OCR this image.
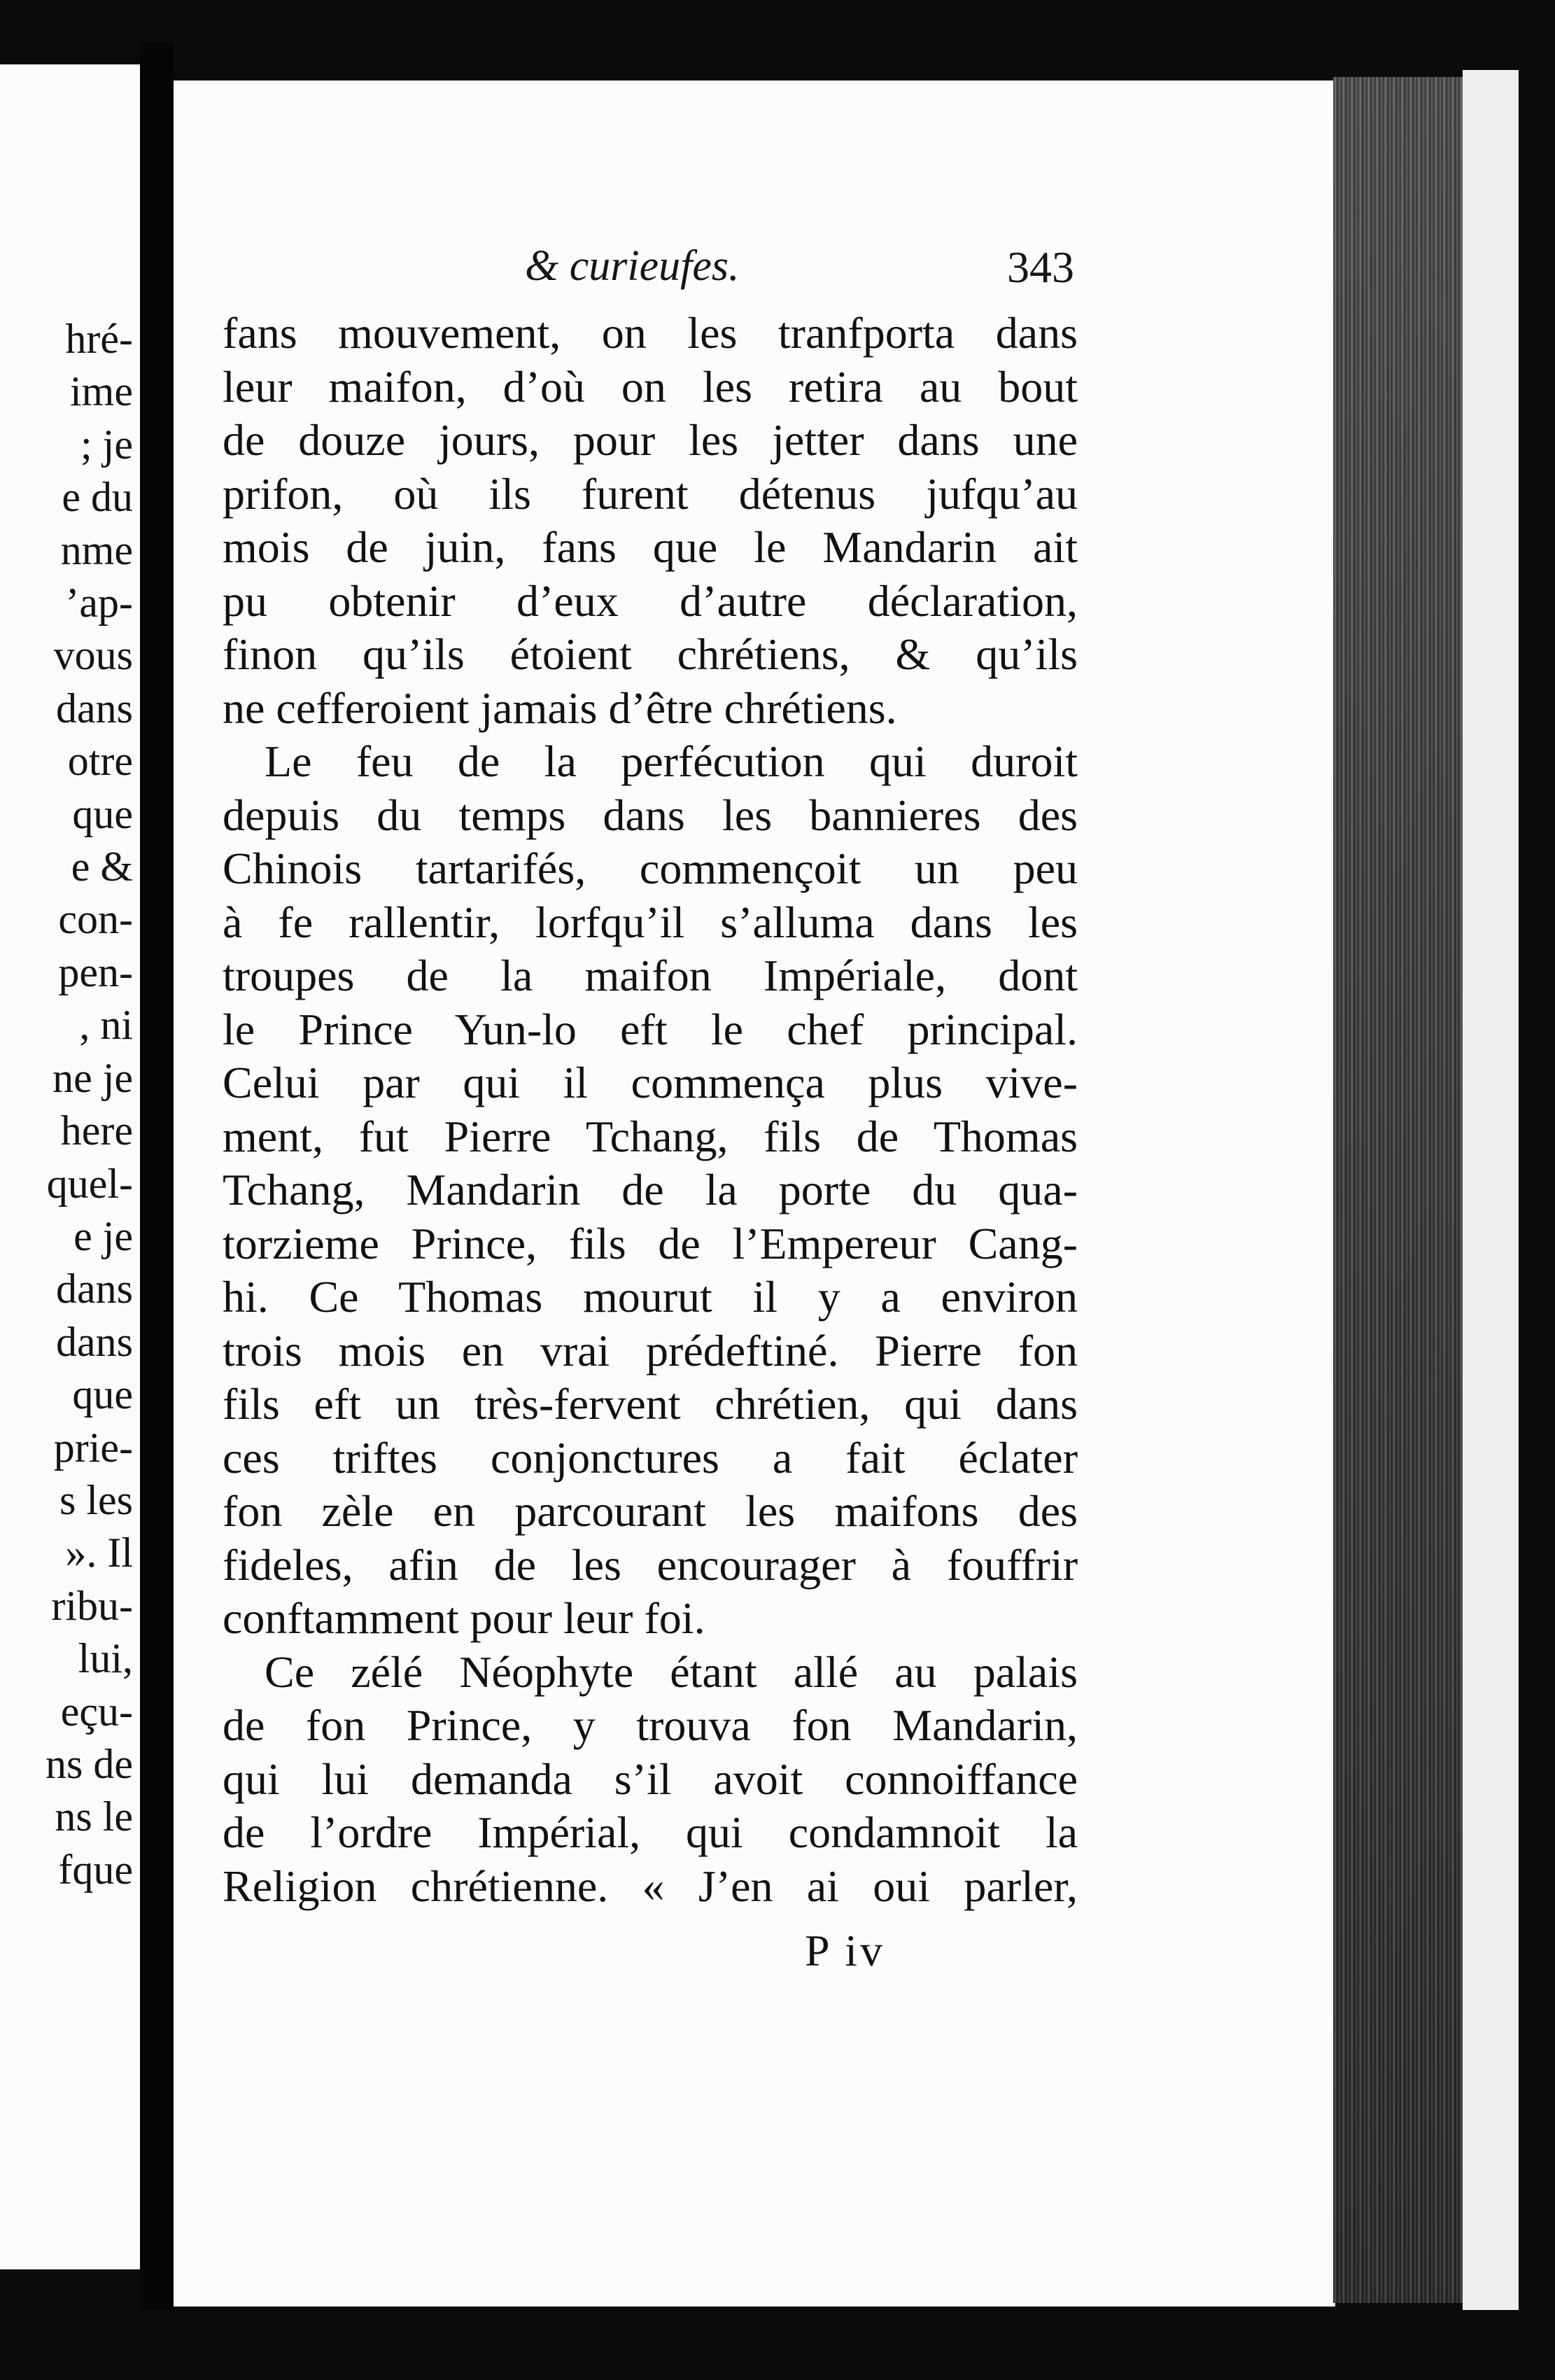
hré-
ime
; je
e du
nme
’ap-
vous
dans
otre
que
e &
con-
pen-
, ni
ne je
here
quel-
e je
dans
dans
que
prie-
s les
». Il
ribu-
lui,
eçu-
ns de
ns le
fque
& curieufes.	343
fans mouvement, on les tranfporta dans
leur maifon, d’où on les retira au bout
de douze jours, pour les jetter dans une
prifon, où ils furent détenus jufqu’au
mois de juin, fans que le Mandarin ait
pu obtenir d’eux d’autre déclaration,
finon qu’ils étoient chrétiens, & qu’ils
ne cefferoient jamais d’être chrétiens.
Le feu de la perfécution qui duroit
depuis du temps dans les bannieres des
Chinois tartarifés, commençoit un peu
à fe rallentir, lorfqu’il s’alluma dans les
troupes de la maifon Impériale, dont
le Prince Yun-lo eft le chef principal.
Celui par qui il commença plus vive-
ment, fut Pierre Tchang, fils de Thomas
Tchang, Mandarin de la porte du qua-
torzieme Prince, fils de l’Empereur Cang-
hi. Ce Thomas mourut il y a environ
trois mois en vrai prédeftiné. Pierre fon
fils eft un très-fervent chrétien, qui dans
ces triftes conjonctures a fait éclater
fon zèle en parcourant les maifons des
fideles, afin de les encourager à fouffrir
conftamment pour leur foi.
Ce zélé Néophyte étant allé au palais
de fon Prince, y trouva fon Mandarin,
qui lui demanda s’il avoit connoiffance
de l’ordre Impérial, qui condamnoit la
Religion chrétienne. « J’en ai oui parler,
P iv
